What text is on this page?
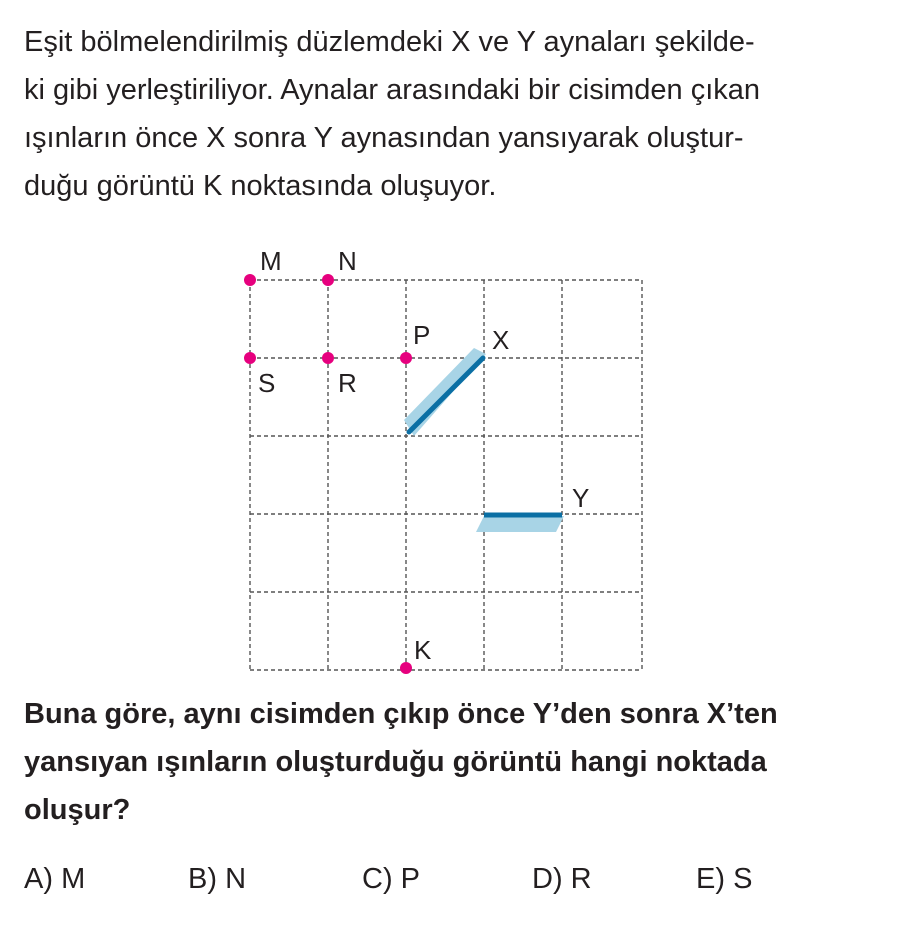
Eşit bölmelendirilmiş düzlemdeki X ve Y aynaları şekilde-
ki gibi yerleştiriliyor. Aynalar arasındaki bir cisimden çıkan
ışınların önce X sonra Y aynasından yansıyarak oluştur-
duğu görüntü K noktasında oluşuyor.
M N
P X
S R
Y
K
Buna göre, aynı cisimden çıkıp önce Y’den sonra X’ten
yansıyan ışınların oluşturduğu görüntü hangi noktada
oluşur?
A) M	B) N	C) P	D) R	E) S
